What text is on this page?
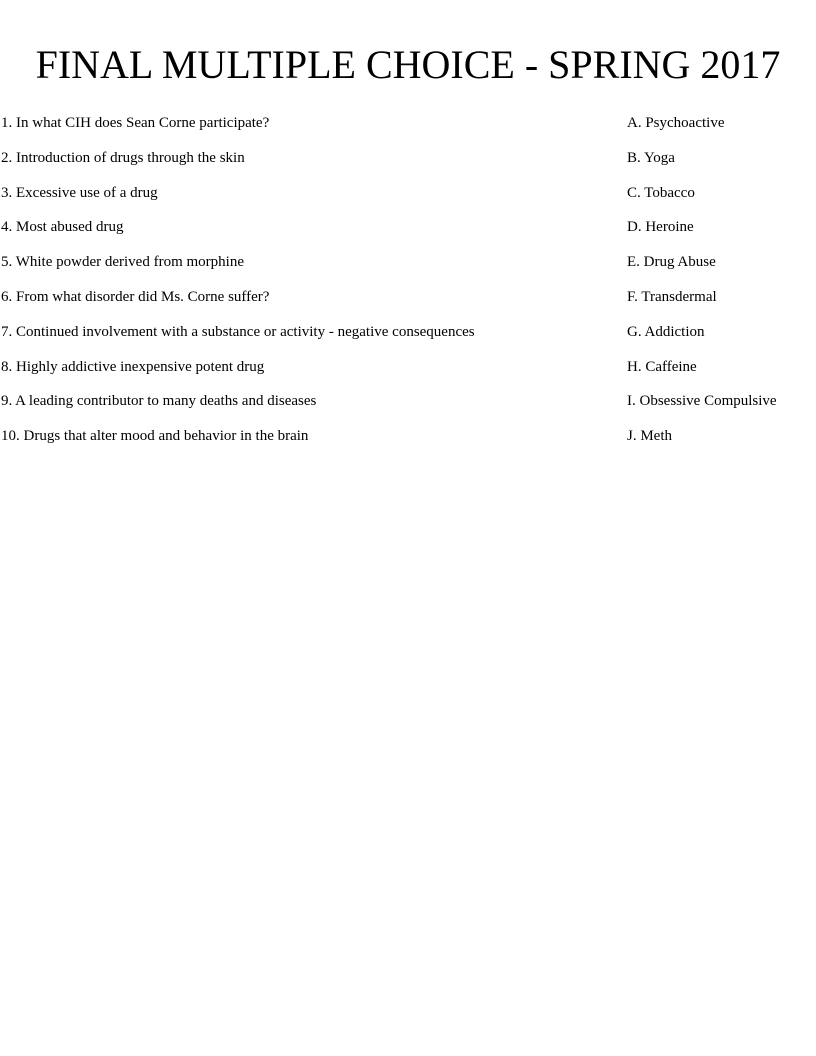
FINAL MULTIPLE CHOICE - SPRING 2017
1. In what CIH does Sean Corne participate?	A. Psychoactive
2. Introduction of drugs through the skin	B. Yoga
3. Excessive use of a drug	C. Tobacco
4. Most abused drug	D. Heroine
5. White powder derived from morphine	E. Drug Abuse
6. From what disorder did Ms. Corne suffer?	F. Transdermal
7. Continued involvement with a substance or activity - negative consequences	G. Addiction
8. Highly addictive inexpensive potent drug	H. Caffeine
9. A leading contributor to many deaths and diseases	I. Obsessive Compulsive
10. Drugs that alter mood and behavior in the brain	J. Meth
